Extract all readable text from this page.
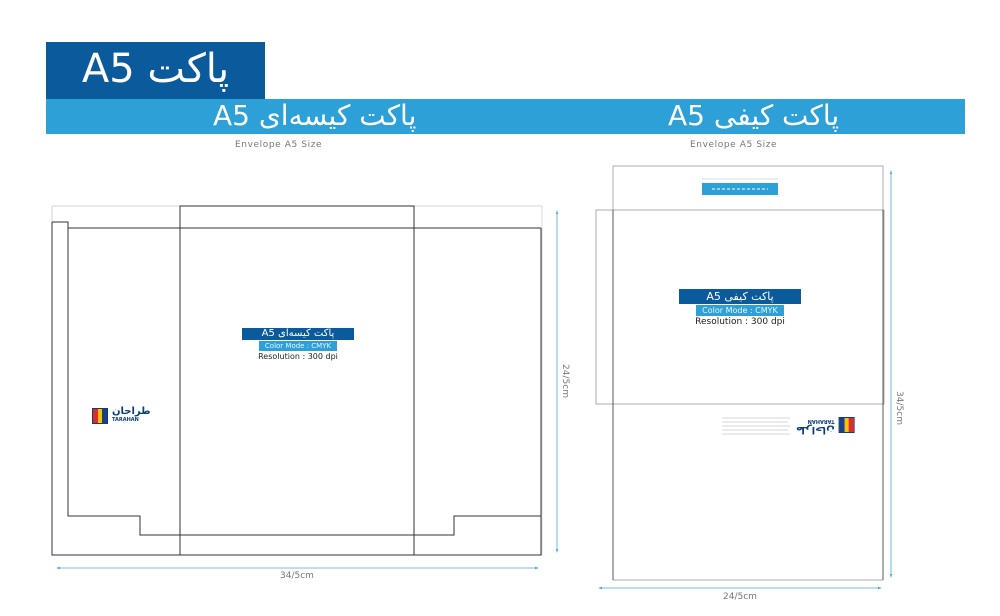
پاکت A5
پاکت کیسه‌ای A5	پاکت کیفی A5
Envelope A5 Size	Envelope A5 Size
پاکت کیسه‌ای A5
Color Mode : CMYK
Resolution : 300 dpi
طراحان
TARAHAN
پاکت کیفی A5
Color Mode : CMYK
Resolution : 300 dpi
طراحان
TARAHAN
34/5cm
24/5cm
24/5cm
34/5cm
